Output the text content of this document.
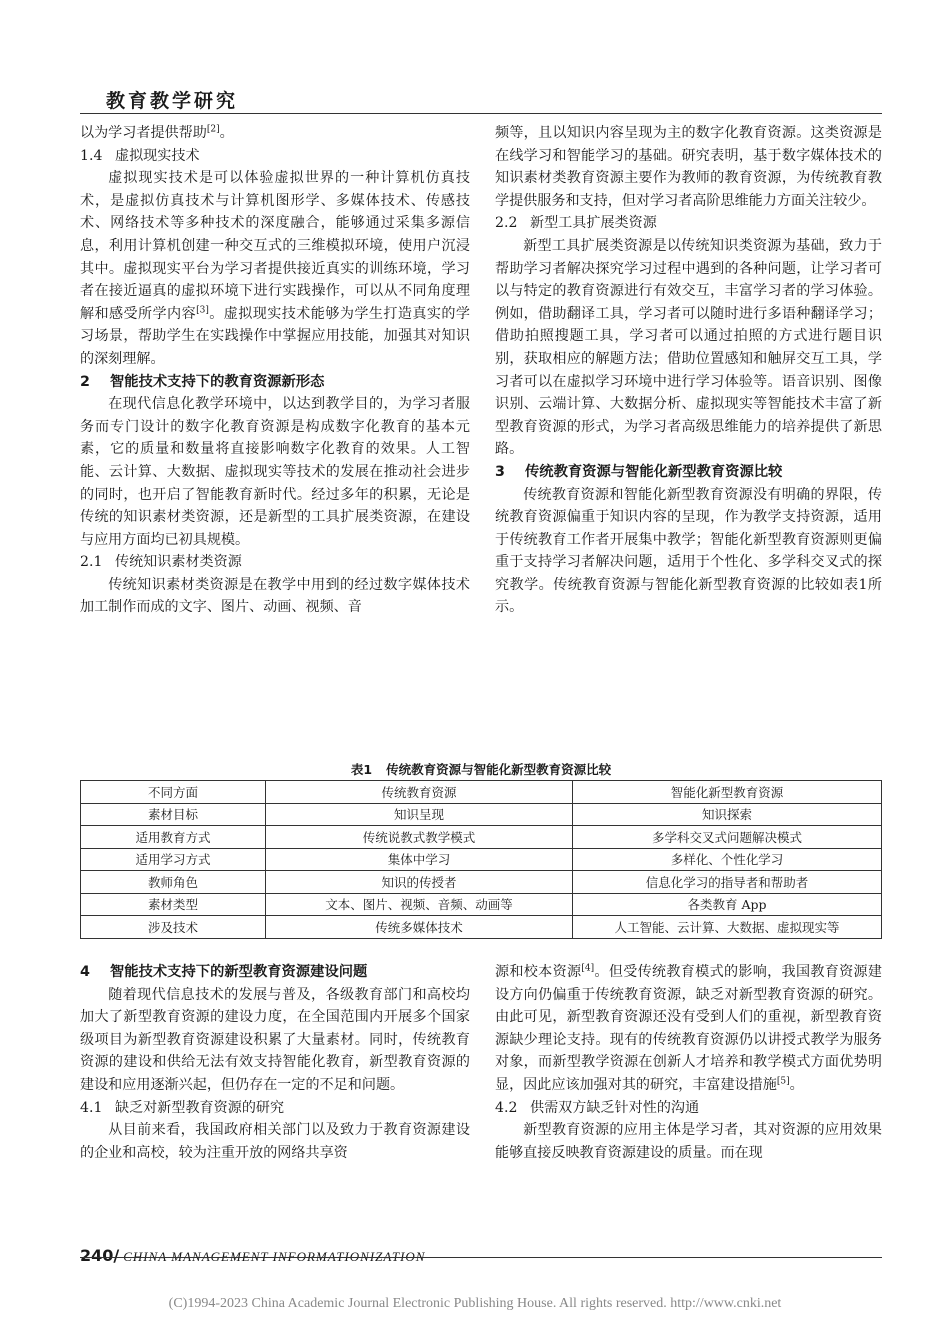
教育教学研究

以为学习者提供帮助[2]。

1.4 虚拟现实技术

虚拟现实技术是可以体验虚拟世界的一种计算机仿真技术，是虚拟仿真技术与计算机图形学、多媒体技术、传感技术、网络技术等多种技术的深度融合，能够通过采集多源信息，利用计算机创建一种交互式的三维模拟环境，使用户沉浸其中。虚拟现实平台为学习者提供接近真实的训练环境，学习者在接近逼真的虚拟环境下进行实践操作，可以从不同角度理解和感受所学内容[3]。虚拟现实技术能够为学生打造真实的学习场景，帮助学生在实践操作中掌握应用技能，加强其对知识的深刻理解。

2 智能技术支持下的教育资源新形态

在现代信息化教学环境中，以达到教学目的，为学习者服务而专门设计的数字化教育资源是构成数字化教育的基本元素，它的质量和数量将直接影响数字化教育的效果。人工智能、云计算、大数据、虚拟现实等技术的发展在推动社会进步的同时，也开启了智能教育新时代。经过多年的积累，无论是传统的知识素材类资源，还是新型的工具扩展类资源，在建设与应用方面均已初具规模。

2.1 传统知识素材类资源

传统知识素材类资源是在教学中用到的经过数字媒体技术加工制作而成的文字、图片、动画、视频、音

频等，且以知识内容呈现为主的数字化教育资源。这类资源是在线学习和智能学习的基础。研究表明，基于数字媒体技术的知识素材类教育资源主要作为教师的教育资源，为传统教育教学提供服务和支持，但对学习者高阶思维能力方面关注较少。

2.2 新型工具扩展类资源

新型工具扩展类资源是以传统知识类资源为基础，致力于帮助学习者解决探究学习过程中遇到的各种问题，让学习者可以与特定的教育资源进行有效交互，丰富学习者的学习体验。例如，借助翻译工具，学习者可以随时进行多语种翻译学习；借助拍照搜题工具，学习者可以通过拍照的方式进行题目识别，获取相应的解题方法；借助位置感知和触屏交互工具，学习者可以在虚拟学习环境中进行学习体验等。语音识别、图像识别、云端计算、大数据分析、虚拟现实等智能技术丰富了新型教育资源的形式，为学习者高级思维能力的培养提供了新思路。

3 传统教育资源与智能化新型教育资源比较

传统教育资源和智能化新型教育资源没有明确的界限，传统教育资源偏重于知识内容的呈现，作为教学支持资源，适用于传统教育工作者开展集中教学；智能化新型教育资源则更偏重于支持学习者解决问题，适用于个性化、多学科交叉式的探究教学。传统教育资源与智能化新型教育资源的比较如表1所示。

表1 传统教育资源与智能化新型教育资源比较
不同方面	传统教育资源	智能化新型教育资源
素材目标	知识呈现	知识探索
适用教育方式	传统说教式教学模式	多学科交叉式问题解决模式
适用学习方式	集体中学习	多样化、个性化学习
教师角色	知识的传授者	信息化学习的指导者和帮助者
素材类型	文本、图片、视频、音频、动画等	各类教育 App
涉及技术	传统多媒体技术	人工智能、云计算、大数据、虚拟现实等
4 智能技术支持下的新型教育资源建设问题

随着现代信息技术的发展与普及，各级教育部门和高校均加大了新型教育资源的建设力度，在全国范围内开展多个国家级项目为新型教育资源建设积累了大量素材。同时，传统教育资源的建设和供给无法有效支持智能化教育，新型教育资源的建设和应用逐渐兴起，但仍存在一定的不足和问题。

4.1 缺乏对新型教育资源的研究

从目前来看，我国政府相关部门以及致力于教育资源建设的企业和高校，较为注重开放的网络共享资

源和校本资源[4]。但受传统教育模式的影响，我国教育资源建设方向仍偏重于传统教育资源，缺乏对新型教育资源的研究。由此可见，新型教育资源还没有受到人们的重视，新型教育资源缺少理论支持。现有的传统教育资源仍以讲授式教学为服务对象，而新型教学资源在创新人才培养和教学模式方面优势明显，因此应该加强对其的研究，丰富建设措施[5]。

4.2 供需双方缺乏针对性的沟通

新型教育资源的应用主体是学习者，其对资源的应用效果能够直接反映教育资源建设的质量。而在现

240/ CHINA MANAGEMENT INFORMATIONIZATION
(C)1994-2023 China Academic Journal Electronic Publishing House. All rights reserved. http://www.cnki.net
